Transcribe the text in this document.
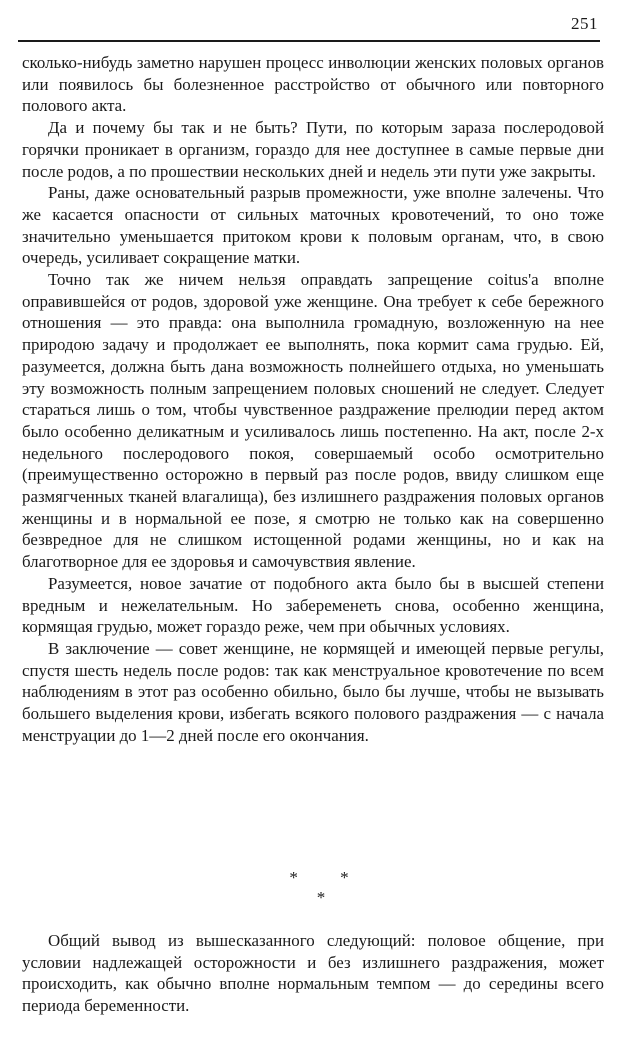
251

сколько-нибудь заметно нарушен процесс инволюции женских половых органов или появилось бы болезненное расстройство от обычного или повторного полового акта.

Да и почему бы так и не быть? Пути, по которым зараза послеродовой горячки проникает в организм, гораздо для нее доступнее в самые первые дни после родов, а по прошествии нескольких дней и недель эти пути уже закрыты.

Раны, даже основательный разрыв промежности, уже вполне залечены. Что же касается опасности от сильных маточных кровотечений, то оно тоже значительно уменьшается притоком крови к половым органам, что, в свою очередь, усиливает сокращение матки.

Точно так же ничем нельзя оправдать запрещение coitus'a вполне оправившейся от родов, здоровой уже женщине. Она требует к себе бережного отношения — это правда: она выполнила громадную, возложенную на нее природою задачу и продолжает ее выполнять, пока кормит сама грудью. Ей, разумеется, должна быть дана возможность полнейшего отдыха, но уменьшать эту возможность полным запрещением половых сношений не следует. Следует стараться лишь о том, чтобы чувственное раздражение прелюдии перед актом было особенно деликатным и усиливалось лишь постепенно. На акт, после 2-х недельного послеродового покоя, совершаемый особо осмотрительно (преимущественно осторожно в первый раз после родов, ввиду слишком еще размягченных тканей влагалища), без излишнего раздражения половых органов женщины и в нормальной ее позе, я смотрю не только как на совершенно безвредное для не слишком истощенной родами женщины, но и как на благотворное для ее здоровья и самочувствия явление.

Разумеется, новое зачатие от подобного акта было бы в высшей степени вредным и нежелательным. Но забеременеть снова, особенно женщина, кормящая грудью, может гораздо реже, чем при обычных условиях.

В заключение — совет женщине, не кормящей и имеющей первые регулы, спустя шесть недель после родов: так как менструальное кровотечение по всем наблюдениям в этот раз особенно обильно, было бы лучше, чтобы не вызывать большего выделения крови, избегать всякого полового раздражения — с начала менструации до 1—2 дней после его окончания.

* *
*

Общий вывод из вышесказанного следующий: половое общение, при условии надлежащей осторожности и без излишнего раздражения, может происходить, как обычно вполне нормальным темпом — до середины всего периода беременности.
